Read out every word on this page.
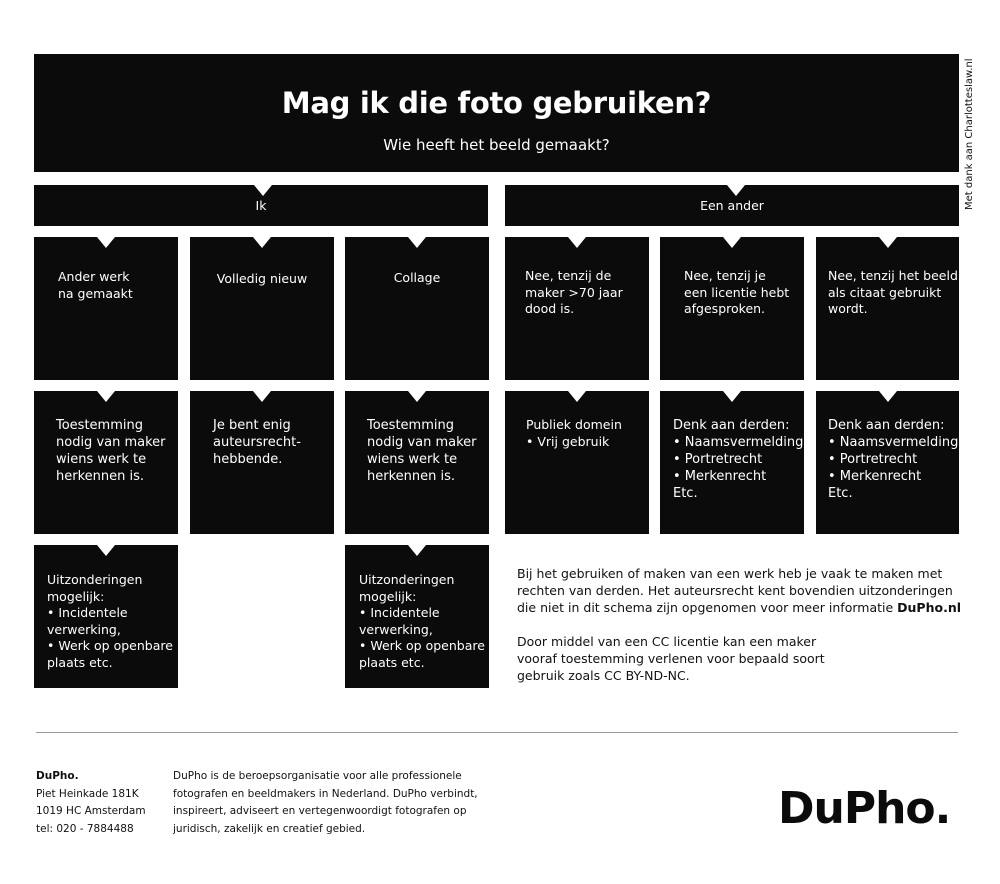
Mag ik die foto gebruiken?
Wie heeft het beeld gemaakt?	Met dank aan Charlotteslaw.nl
Ik	Een ander
Ander werk
na gemaakt
Volledig nieuw	Collage	Nee, tenzij de
maker >70 jaar
dood is.
Nee, tenzij je
een licentie hebt
afgesproken.
Nee, tenzij het beeld
als citaat gebruikt
wordt.
Toestemming
nodig van maker
wiens werk te
herkennen is.
Je bent enig
auteursrecht-
hebbende.
Toestemming
nodig van maker
wiens werk te
herkennen is.
Publiek domein
• Vrij gebruik
Denk aan derden:
• Naamsvermelding
• Portretrecht
• Merkenrecht
Etc.
Denk aan derden:
• Naamsvermelding
• Portretrecht
• Merkenrecht
Etc.
Uitzonderingen
mogelijk:
• Incidentele
verwerking,
• Werk op openbare
plaats etc.
Uitzonderingen
mogelijk:
• Incidentele
verwerking,
• Werk op openbare
plaats etc.
Bij het gebruiken of maken van een werk heb je vaak te maken met
rechten van derden. Het auteursrecht kent bovendien uitzonderingen
die niet in dit schema zijn opgenomen voor meer informatie DuPho.nl
Door middel van een CC licentie kan een maker
vooraf toestemming verlenen voor bepaald soort
gebruik zoals CC BY-ND-NC.
DuPho.
Piet Heinkade 181K
1019 HC Amsterdam
tel: 020 - 7884488
DuPho is de beroepsorganisatie voor alle professionele
fotografen en beeldmakers in Nederland. DuPho verbindt,
inspireert, adviseert en vertegenwoordigt fotografen op
juridisch, zakelijk en creatief gebied.	DuPho.
